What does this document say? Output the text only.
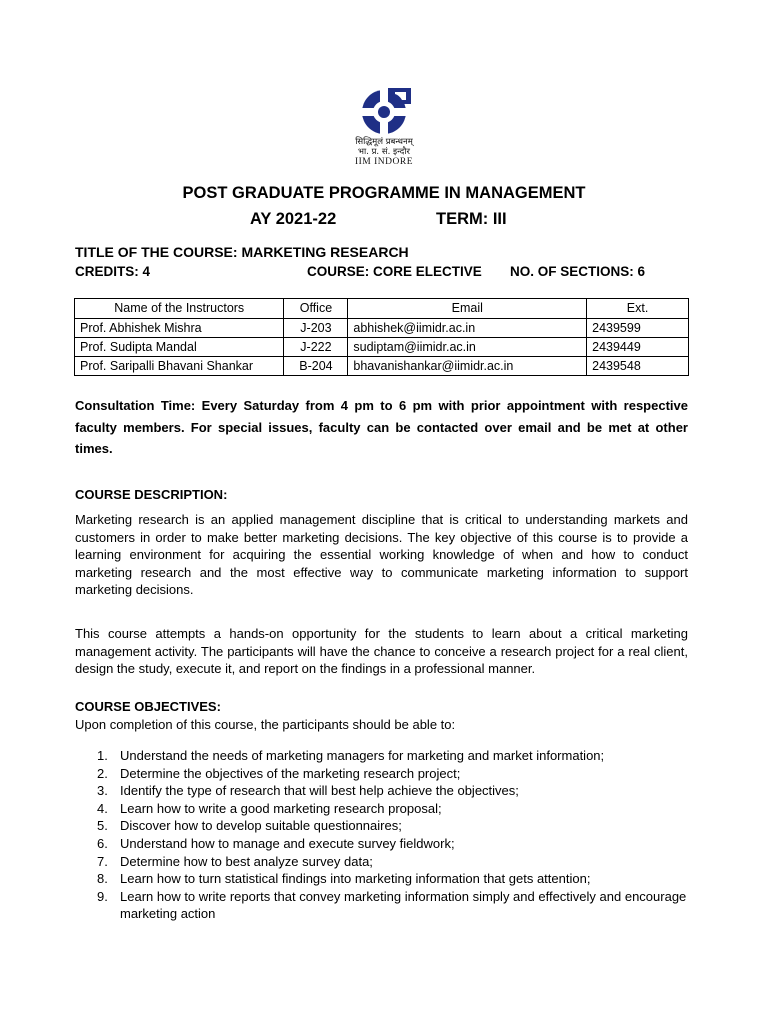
सिद्धिमूलं प्रबन्धनम्
भा. प्र. सं. इन्दौर
IIM INDORE
POST GRADUATE PROGRAMME IN MANAGEMENT
AY 2021-22	TERM: III
TITLE OF THE COURSE: MARKETING RESEARCH
CREDITS: 4	COURSE: CORE ELECTIVE NO. OF SECTIONS: 6
Name of the Instructors	Office	Email	Ext.
Prof. Abhishek Mishra	J-203	abhishek@iimidr.ac.in	2439599
Prof. Sudipta Mandal	J-222	sudiptam@iimidr.ac.in	2439449
Prof. Saripalli Bhavani Shankar	B-204	bhavanishankar@iimidr.ac.in	2439548
Consultation Time: Every Saturday from 4 pm to 6 pm with prior appointment with respective faculty members. For special issues, faculty can be contacted over email and be met at other times.
COURSE DESCRIPTION:
Marketing research is an applied management discipline that is critical to understanding markets and customers in order to make better marketing decisions. The key objective of this course is to provide a learning environment for acquiring the essential working knowledge of when and how to conduct marketing research and the most effective way to communicate marketing information to support marketing decisions.
This course attempts a hands-on opportunity for the students to learn about a critical marketing management activity. The participants will have the chance to conceive a research project for a real client, design the study, execute it, and report on the findings in a professional manner.
COURSE OBJECTIVES:
Upon completion of this course, the participants should be able to:
1. Understand the needs of marketing managers for marketing and market information;
2. Determine the objectives of the marketing research project;
3. Identify the type of research that will best help achieve the objectives;
4. Learn how to write a good marketing research proposal;
5. Discover how to develop suitable questionnaires;
6. Understand how to manage and execute survey fieldwork;
7. Determine how to best analyze survey data;
8. Learn how to turn statistical findings into marketing information that gets attention;
9. Learn how to write reports that convey marketing information simply and effectively and encourage marketing action
